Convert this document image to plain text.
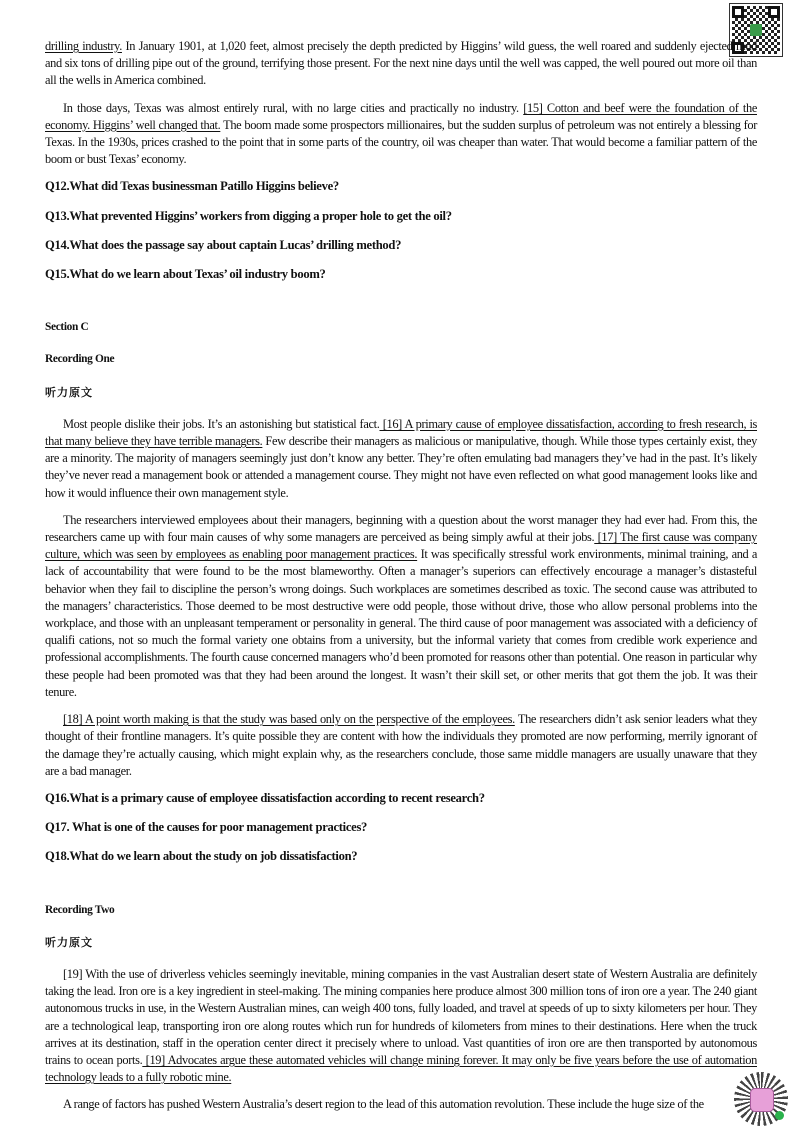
drilling industry. In January 1901, at 1,020 feet, almost precisely the depth predicted by Higgins’ wild guess, the well roared and suddenly ejected mud and six tons of drilling pipe out of the ground, terrifying those present. For the next nine days until the well was capped, the well poured out more oil than all the wells in America combined.

In those days, Texas was almost entirely rural, with no large cities and practically no industry. [15] Cotton and beef were the foundation of the economy. Higgins’ well changed that. The boom made some prospectors millionaires, but the sudden surplus of petroleum was not entirely a blessing for Texas. In the 1930s, prices crashed to the point that in some parts of the country, oil was cheaper than water. That would become a familiar pattern of the boom or bust Texas’ economy.

Q12.What did Texas businessman Patillo Higgins believe?

Q13.What prevented Higgins’ workers from digging a proper hole to get the oil?

Q14.What does the passage say about captain Lucas’ drilling method?

Q15.What do we learn about Texas’ oil industry boom?

Section C

Recording One

听力原文

Most people dislike their jobs. It’s an astonishing but statistical fact. [16] A primary cause of employee dissatisfaction, according to fresh research, is that many believe they have terrible managers. Few describe their managers as malicious or manipulative, though. While those types certainly exist, they are a minority. The majority of managers seemingly just don’t know any better. They’re often emulating bad managers they’ve had in the past. It’s likely they’ve never read a management book or attended a management course. They might not have even reflected on what good management looks like and how it would influence their own management style.

The researchers interviewed employees about their managers, beginning with a question about the worst manager they had ever had. From this, the researchers came up with four main causes of why some managers are perceived as being simply awful at their jobs. [17] The first cause was company culture, which was seen by employees as enabling poor management practices. It was specifically stressful work environments, minimal training, and a lack of accountability that were found to be the most blameworthy. Often a manager’s superiors can effectively encourage a manager’s distasteful behavior when they fail to discipline the person’s wrong doings. Such workplaces are sometimes described as toxic. The second cause was attributed to the managers’ characteristics. Those deemed to be most destructive were odd people, those without drive, those who allow personal problems into the workplace, and those with an unpleasant temperament or personality in general. The third cause of poor management was associated with a deficiency of qualifi cations, not so much the formal variety one obtains from a university, but the informal variety that comes from credible work experience and professional accomplishments. The fourth cause concerned managers who’d been promoted for reasons other than potential. One reason in particular why these people had been promoted was that they had been around the longest. It wasn’t their skill set, or other merits that got them the job. It was their tenure.

[18] A point worth making is that the study was based only on the perspective of the employees. The researchers didn’t ask senior leaders what they thought of their frontline managers. It’s quite possible they are content with how the individuals they promoted are now performing, merrily ignorant of the damage they’re actually causing, which might explain why, as the researchers conclude, those same middle managers are usually unaware that they are a bad manager.

Q16.What is a primary cause of employee dissatisfaction according to recent research?

Q17. What is one of the causes for poor management practices?

Q18.What do we learn about the study on job dissatisfaction?

Recording Two

听力原文

[19] With the use of driverless vehicles seemingly inevitable, mining companies in the vast Australian desert state of Western Australia are definitely taking the lead. Iron ore is a key ingredient in steel-making. The mining companies here produce almost 300 million tons of iron ore a year. The 240 giant autonomous trucks in use, in the Western Australian mines, can weigh 400 tons, fully loaded, and travel at speeds of up to sixty kilometers per hour. They are a technological leap, transporting iron ore along routes which run for hundreds of kilometers from mines to their destinations. Here when the truck arrives at its destination, staff in the operation center direct it precisely where to unload. Vast quantities of iron ore are then transported by autonomous trains to ocean ports. [19] Advocates argue these automated vehicles will change mining forever. It may only be five years before the use of automation technology leads to a fully robotic mine.

A range of factors has pushed Western Australia’s desert region to the lead of this automation revolution. These include the huge size of the
